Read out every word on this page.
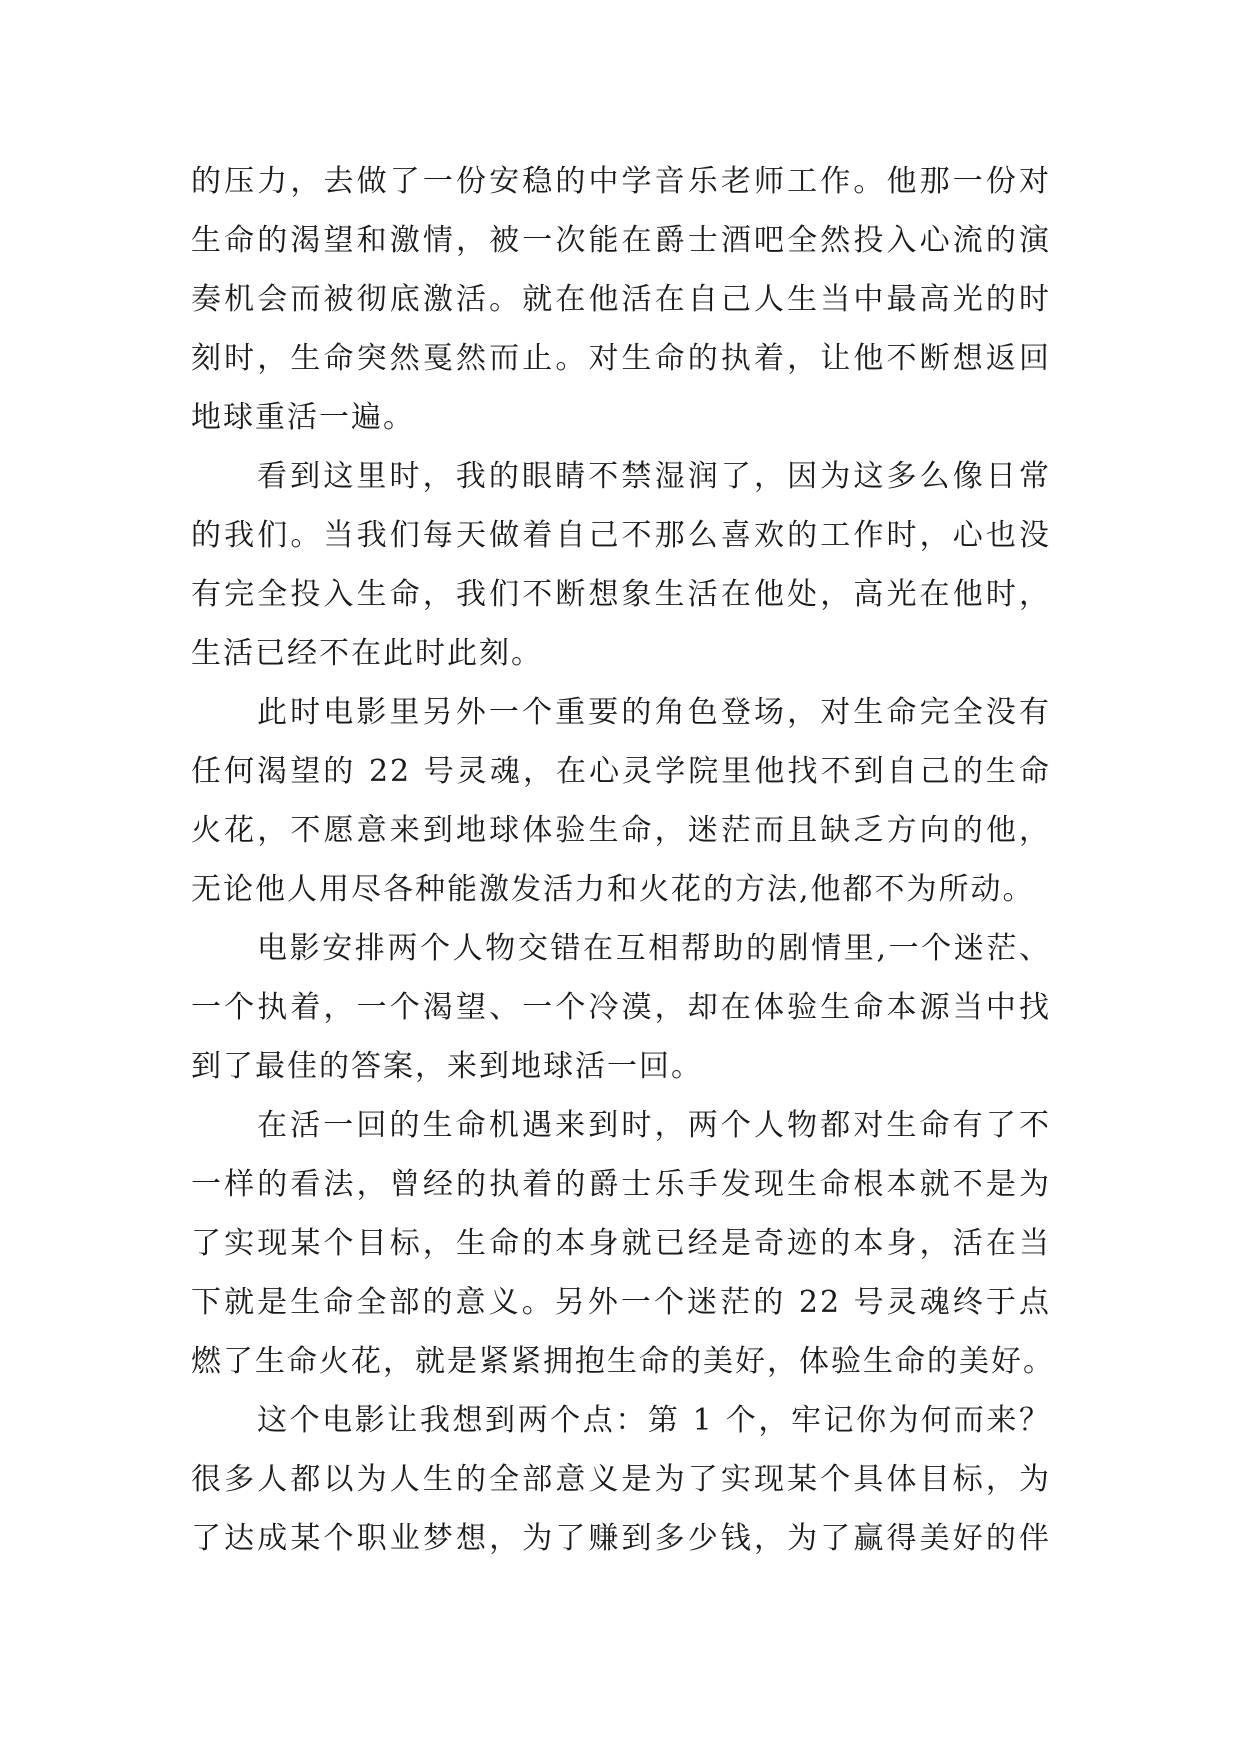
的压力，去做了一份安稳的中学音乐老师工作。他那一份对
生命的渴望和激情，被一次能在爵士酒吧全然投入心流的演
奏机会而被彻底激活。就在他活在自己人生当中最高光的时
刻时，生命突然戛然而止。对生命的执着，让他不断想返回
地球重活一遍。
看到这里时，我的眼睛不禁湿润了，因为这多么像日常
的我们。当我们每天做着自己不那么喜欢的工作时，心也没
有完全投入生命，我们不断想象生活在他处，高光在他时，
生活已经不在此时此刻。
此时电影里另外一个重要的角色登场，对生命完全没有
任何渴望的 22 号灵魂，在心灵学院里他找不到自己的生命
火花，不愿意来到地球体验生命，迷茫而且缺乏方向的他，
无论他人用尽各种能激发活力和火花的方法,他都不为所动。
电影安排两个人物交错在互相帮助的剧情里,一个迷茫、
一个执着，一个渴望、一个冷漠，却在体验生命本源当中找
到了最佳的答案，来到地球活一回。
在活一回的生命机遇来到时，两个人物都对生命有了不
一样的看法，曾经的执着的爵士乐手发现生命根本就不是为
了实现某个目标，生命的本身就已经是奇迹的本身，活在当
下就是生命全部的意义。另外一个迷茫的 22 号灵魂终于点
燃了生命火花，就是紧紧拥抱生命的美好，体验生命的美好。
这个电影让我想到两个点：第 1 个，牢记你为何而来？
很多人都以为人生的全部意义是为了实现某个具体目标，为
了达成某个职业梦想，为了赚到多少钱，为了赢得美好的伴
